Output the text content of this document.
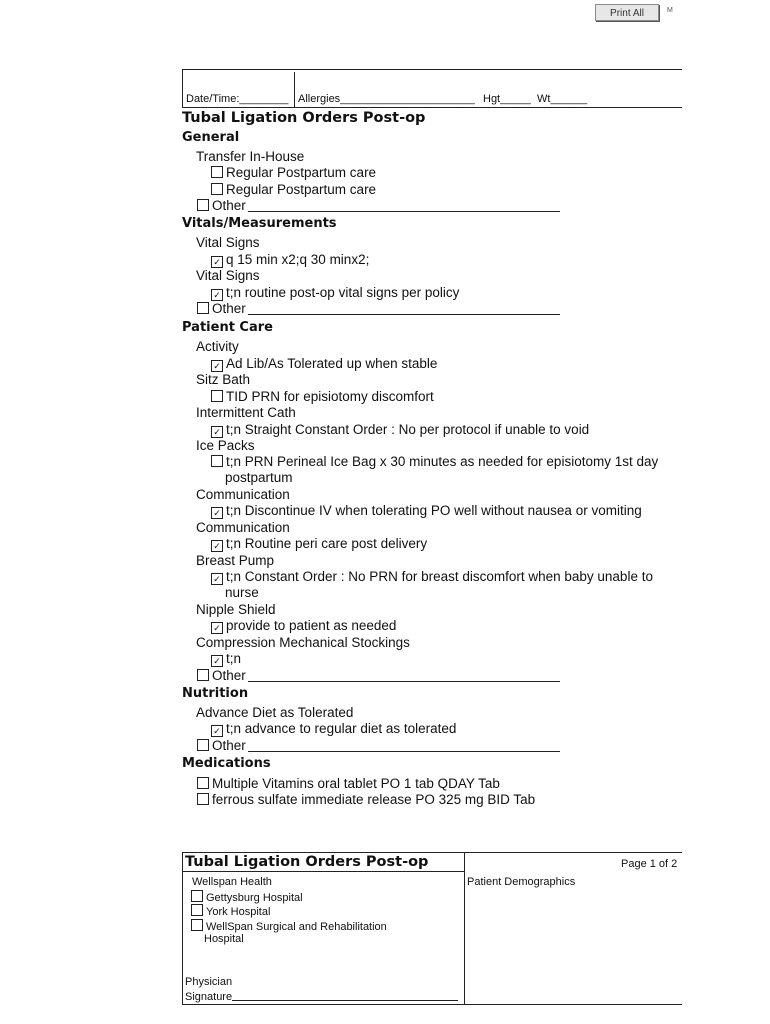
Print All	M
Date/Time:________ Allergies______________________ Hgt_____ Wt______
Tubal Ligation Orders Post-op
General
Transfer In-House
Regular Postpartum care
Regular Postpartum care
Other
Vitals/Measurements
Vital Signs
✓ q 15 min x2;q 30 minx2;
Vital Signs
✓ t;n routine post-op vital signs per policy
Other
Patient Care
Activity
✓ Ad Lib/As Tolerated up when stable
Sitz Bath
TID PRN for episiotomy discomfort
Intermittent Cath
✓ t;n Straight Constant Order : No per protocol if unable to void
Ice Packs
t;n PRN Perineal Ice Bag x 30 minutes as needed for episiotomy 1st day
postpartum
Communication
✓ t;n Discontinue IV when tolerating PO well without nausea or vomiting
Communication
✓ t;n Routine peri care post delivery
Breast Pump
✓ t;n Constant Order : No PRN for breast discomfort when baby unable to
nurse
Nipple Shield
✓ provide to patient as needed
Compression Mechanical Stockings
✓ t;n
Other
Nutrition
Advance Diet as Tolerated
✓ t;n advance to regular diet as tolerated
Other
Medications
Multiple Vitamins oral tablet PO 1 tab QDAY Tab
ferrous sulfate immediate release PO 325 mg BID Tab
Tubal Ligation Orders Post-op	Page 1 of 2
Patient Demographics
Wellspan Health
Gettysburg Hospital
York Hospital
WellSpan Surgical and Rehabilitation
Hospital
Physician
Signature
